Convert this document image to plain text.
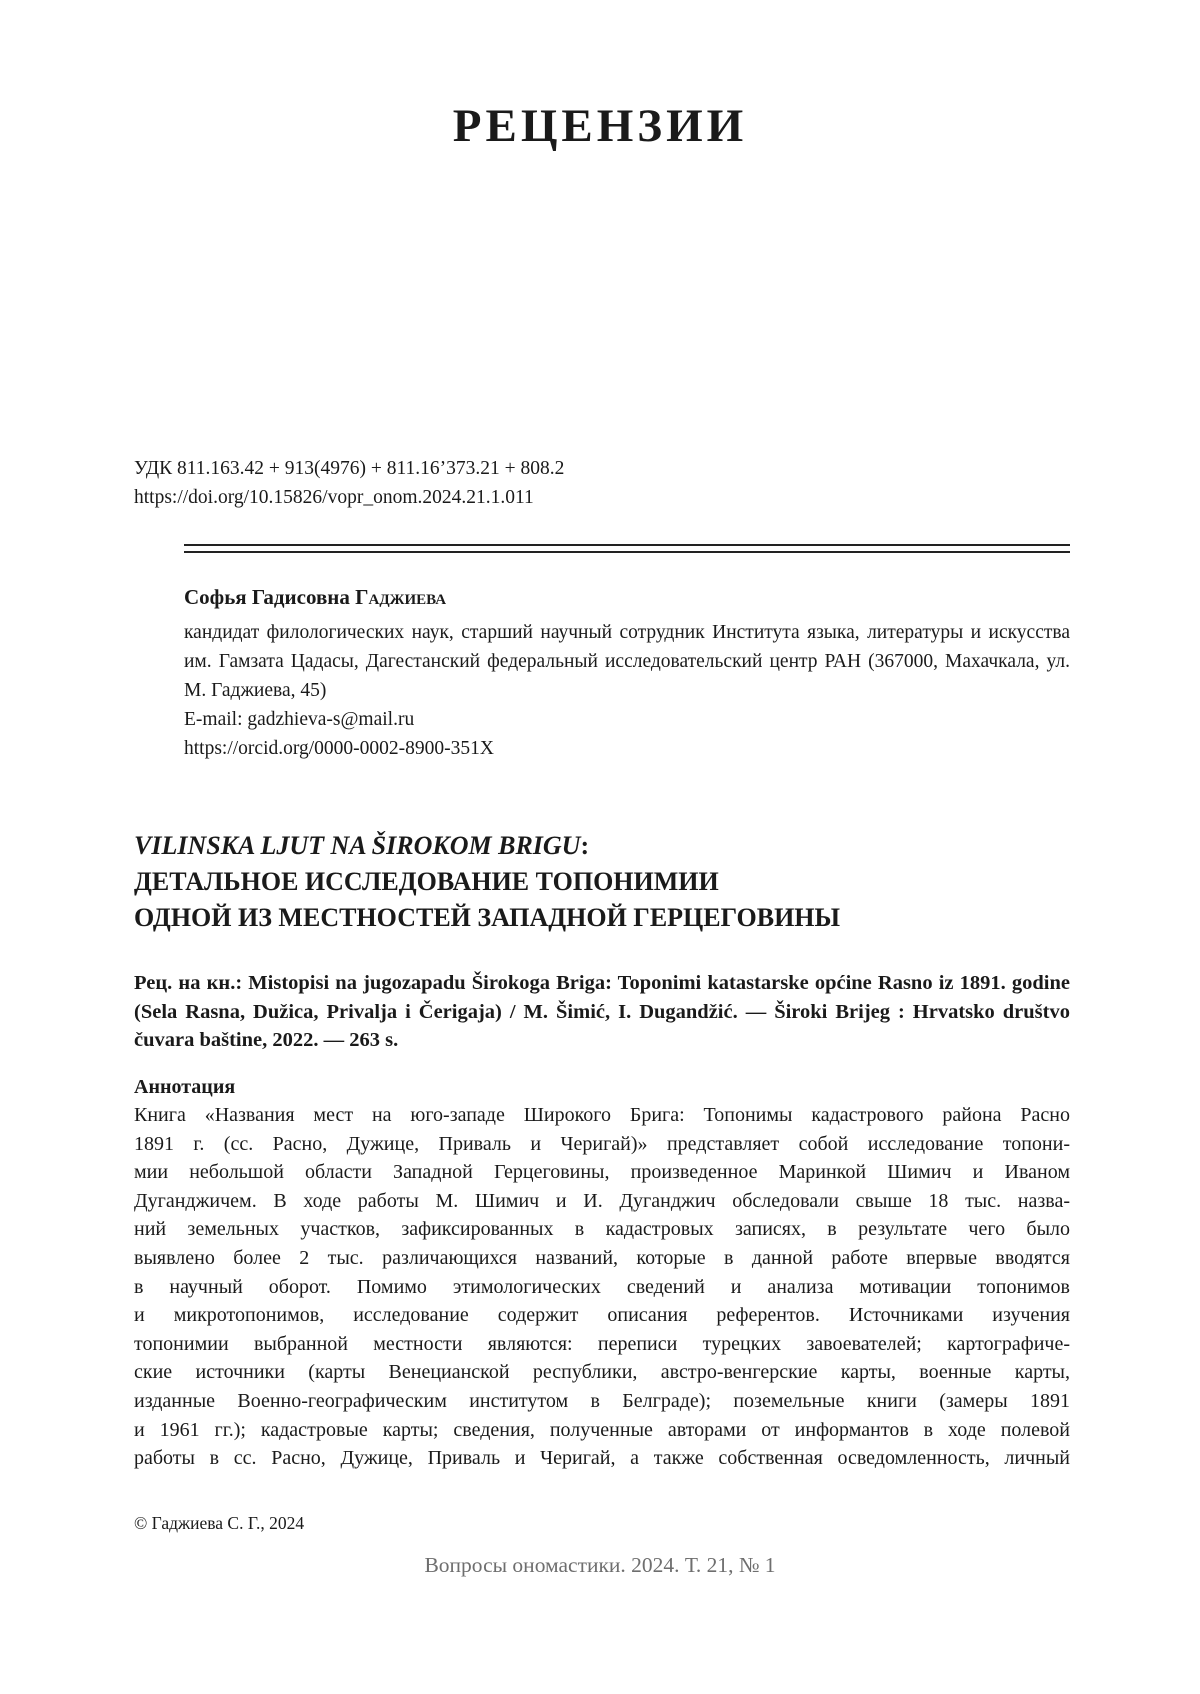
РЕЦЕНЗИИ
УДК 811.163.42 + 913(4976) + 811.16’373.21 + 808.2
https://doi.org/10.15826/vopr_onom.2024.21.1.011
Софья Гадисовна Гаджиева

кандидат филологических наук, старший научный сотрудник Института языка, литературы и искусства им. Гамзата Цадасы, Дагестанский федеральный исследовательский центр РАН (367000, Махачкала, ул. М. Гаджиева, 45)

E-mail: gadzhieva-s@mail.ru

https://orcid.org/0000-0002-8900-351X

VILINSKA LJUT NA ŠIROKOM BRIGU:
ДЕТАЛЬНОЕ ИССЛЕДОВАНИЕ ТОПОНИМИИ
ОДНОЙ ИЗ МЕСТНОСТЕЙ ЗАПАДНОЙ ГЕРЦЕГОВИНЫ
Рец. на кн.: Mistopisi na jugozapadu Širokoga Briga: Toponimi katastarske općine Rasno iz 1891. godine (Sela Rasna, Dužica, Privalja i Čerigaja) / M. Šimić, I. Dugandžić. — Široki Brijeg : Hrvatsko društvo čuvara baštine, 2022. — 263 s.
Аннотация
Книга «Названия мест на юго-западе Широкого Брига: Топонимы кадастрового района Расно
1891 г. (сс. Расно, Дужице, Приваль и Чеpигай)» представляет собой исследование топони-
мии небольшой области Западной Герцеговины, произведенное Маринкой Шимич и Иваном
Дуганджичем. В ходе работы М. Шимич и И. Дуганджич обследовали свыше 18 тыс. назва-
ний земельных участков, зафиксированных в кадастровых записях, в результате чего было
выявлено более 2 тыс. различающихся названий, которые в данной работе впервые вводятся
в научный оборот. Помимо этимологических сведений и анализа мотивации топонимов
и микротопонимов, исследование содержит описания референтов. Источниками изучения
топонимии выбранной местности являются: переписи турецких завоевателей; картографиче-
ские источники (карты Венецианской республики, австро-венгерские карты, военные карты,
изданные Военно-географическим институтом в Белграде); поземельные книги (замеры 1891
и 1961 гг.); кадастровые карты; сведения, полученные авторами от информантов в ходе полевой
работы в сс. Расно, Дужице, Приваль и Черигай, а также собственная осведомленность, личный
© Гаджиева С. Г., 2024
Вопросы ономастики. 2024. Т. 21, № 1
